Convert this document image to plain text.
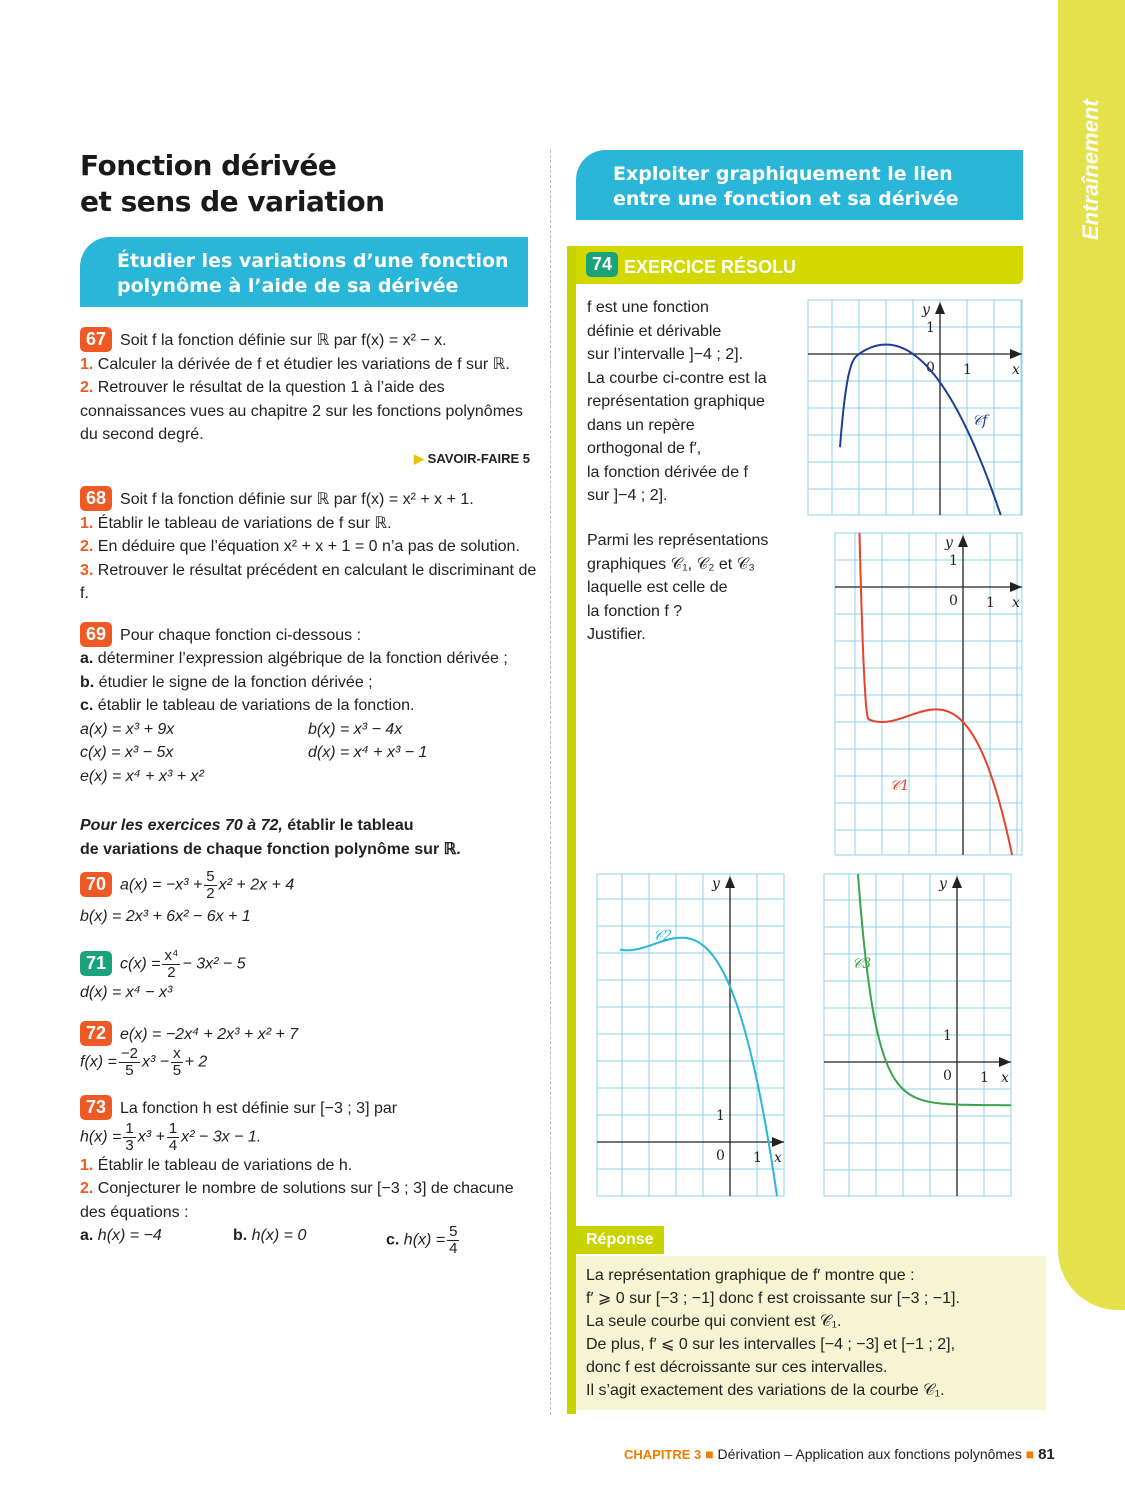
Entraînement
Fonction dérivée
et sens de variation
Étudier les variations d’une fonction
polynôme à l’aide de sa dérivée
67 Soit f la fonction définie sur ℝ par f(x) = x² − x.
1. Calculer la dérivée de f et étudier les variations de f sur ℝ.
2. Retrouver le résultat de la question 1 à l’aide des connaissances vues au chapitre 2 sur les fonctions polynômes du second degré.
▶ SAVOIR-FAIRE 5
68 Soit f la fonction définie sur ℝ par f(x) = x² + x + 1.
1. Établir le tableau de variations de f sur ℝ.
2. En déduire que l’équation x² + x + 1 = 0 n’a pas de solution.
3. Retrouver le résultat précédent en calculant le discriminant de f.
69 Pour chaque fonction ci-dessous :
a. déterminer l’expression algébrique de la fonction dérivée ;
b. étudier le signe de la fonction dérivée ;
c. établir le tableau de variations de la fonction.
a(x) = x³ + 9x	b(x) = x³ − 4x
c(x) = x³ − 5x	d(x) = x⁴ + x³ − 1
e(x) = x⁴ + x³ + x²
Pour les exercices 70 à 72, établir le tableau
de variations de chaque fonction polynôme sur ℝ.
70 $a(x) = -x^3 + \frac{5}{2} x^2 + 2x + 4$
b(x) = 2x³ + 6x² − 6x + 1
71 $c(x) = \frac{\text{x⁴}}{2} - 3x^2 - 5$
d(x) = x⁴ − x³
72 e(x) = −2x⁴ + 2x³ + x² + 7
$f(x) = \frac{-2}{5} x^3 - \frac{x}{5} + 2$
73 La fonction h est définie sur [−3 ; 3] par
$h(x) = \frac{1}{3} x^3 + \frac{1}{4} x^2 - 3x - 1$.
1. Établir le tableau de variations de h.
2. Conjecturer le nombre de solutions sur [−3 ; 3] de chacune des équations :
a. h(x) = −4	b. h(x) = 0	c. $h(x) = \frac{5}{4}$
Exploiter graphiquement le lien
entre une fonction et sa dérivée
74 EXERCICE RÉSOLU
f est une fonction
définie et dérivable
sur l’intervalle ]−4 ; 2].
La courbe ci-contre est la
représentation graphique
dans un repère
orthogonal de f′,
la fonction dérivée de f
sur ]−4 ; 2].
Parmi les représentations
graphiques 𝒞₁, 𝒞₂ et 𝒞₃
laquelle est celle de
la fonction f ?
Justifier.
x
y
0 1
1
𝒞f
x
y
0 1
1
𝒞1
x
y
0 1
1
𝒞2
x
y
0 1
1
𝒞3
Réponse
La représentation graphique de f′ montre que :
f′ ⩾ 0 sur [−3 ; −1] donc f est croissante sur [−3 ; −1].
La seule courbe qui convient est 𝒞₁.
De plus, f′ ⩽ 0 sur les intervalles [−4 ; −3] et [−1 ; 2],
donc f est décroissante sur ces intervalles.
Il s’agit exactement des variations de la courbe 𝒞₁.
CHAPITRE 3 ■ Dérivation – Application aux fonctions polynômes ■ 81
